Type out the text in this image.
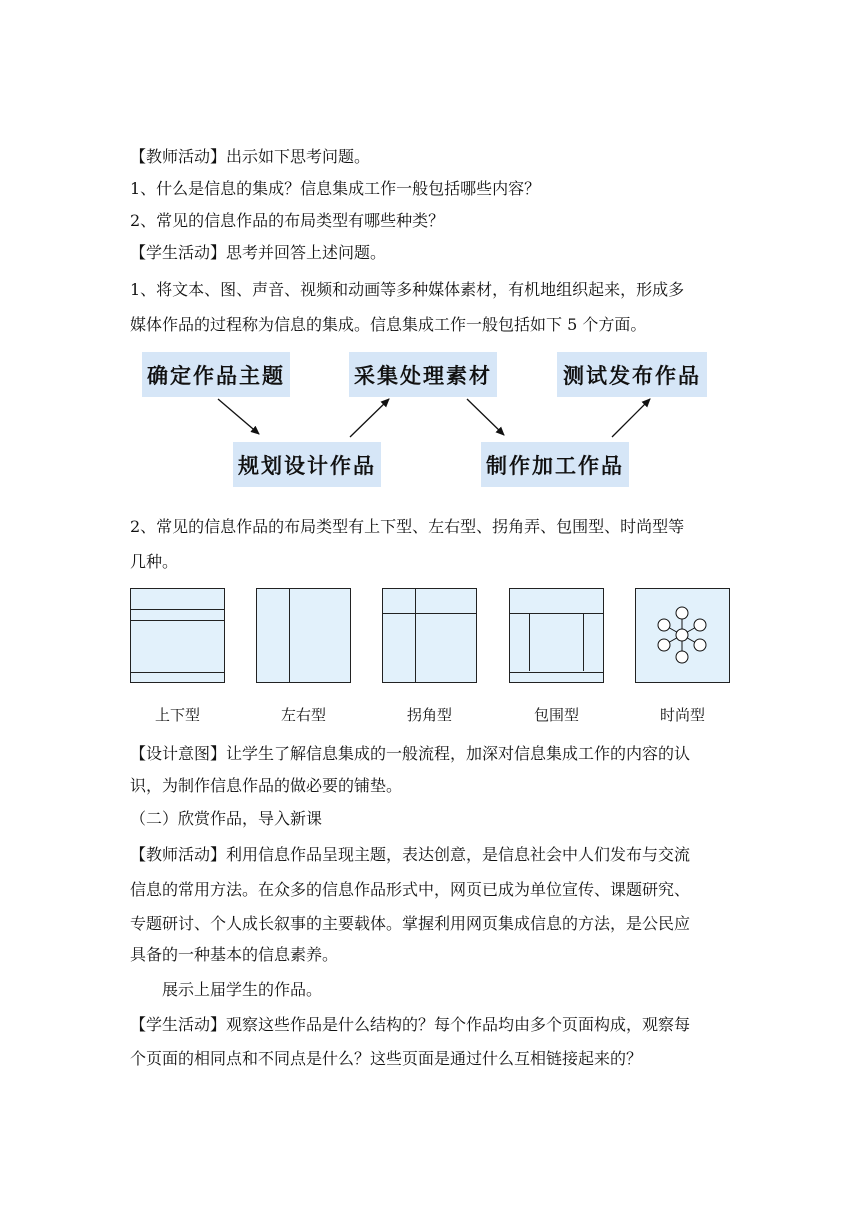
【教师活动】出示如下思考问题。
1、什么是信息的集成？信息集成工作一般包括哪些内容？
2、常见的信息作品的布局类型有哪些种类？
【学生活动】思考并回答上述问题。
1、将文本、图、声音、视频和动画等多种媒体素材，有机地组织起来，形成多
媒体作品的过程称为信息的集成。信息集成工作一般包括如下 5 个方面。
确定作品主题
规划设计作品
采集处理素材
制作加工作品
测试发布作品
2、常见的信息作品的布局类型有上下型、左右型、拐角弄、包围型、时尚型等
几种。
上下型	左右型	拐角型	包围型	时尚型
【设计意图】让学生了解信息集成的一般流程，加深对信息集成工作的内容的认
识，为制作信息作品的做必要的铺垫。
（二）欣赏作品，导入新课
【教师活动】利用信息作品呈现主题，表达创意，是信息社会中人们发布与交流
信息的常用方法。在众多的信息作品形式中，网页已成为单位宣传、课题研究、
专题研讨、个人成长叙事的主要载体。掌握利用网页集成信息的方法，是公民应
具备的一种基本的信息素养。
展示上届学生的作品。
【学生活动】观察这些作品是什么结构的？每个作品均由多个页面构成，观察每
个页面的相同点和不同点是什么？这些页面是通过什么互相链接起来的？
